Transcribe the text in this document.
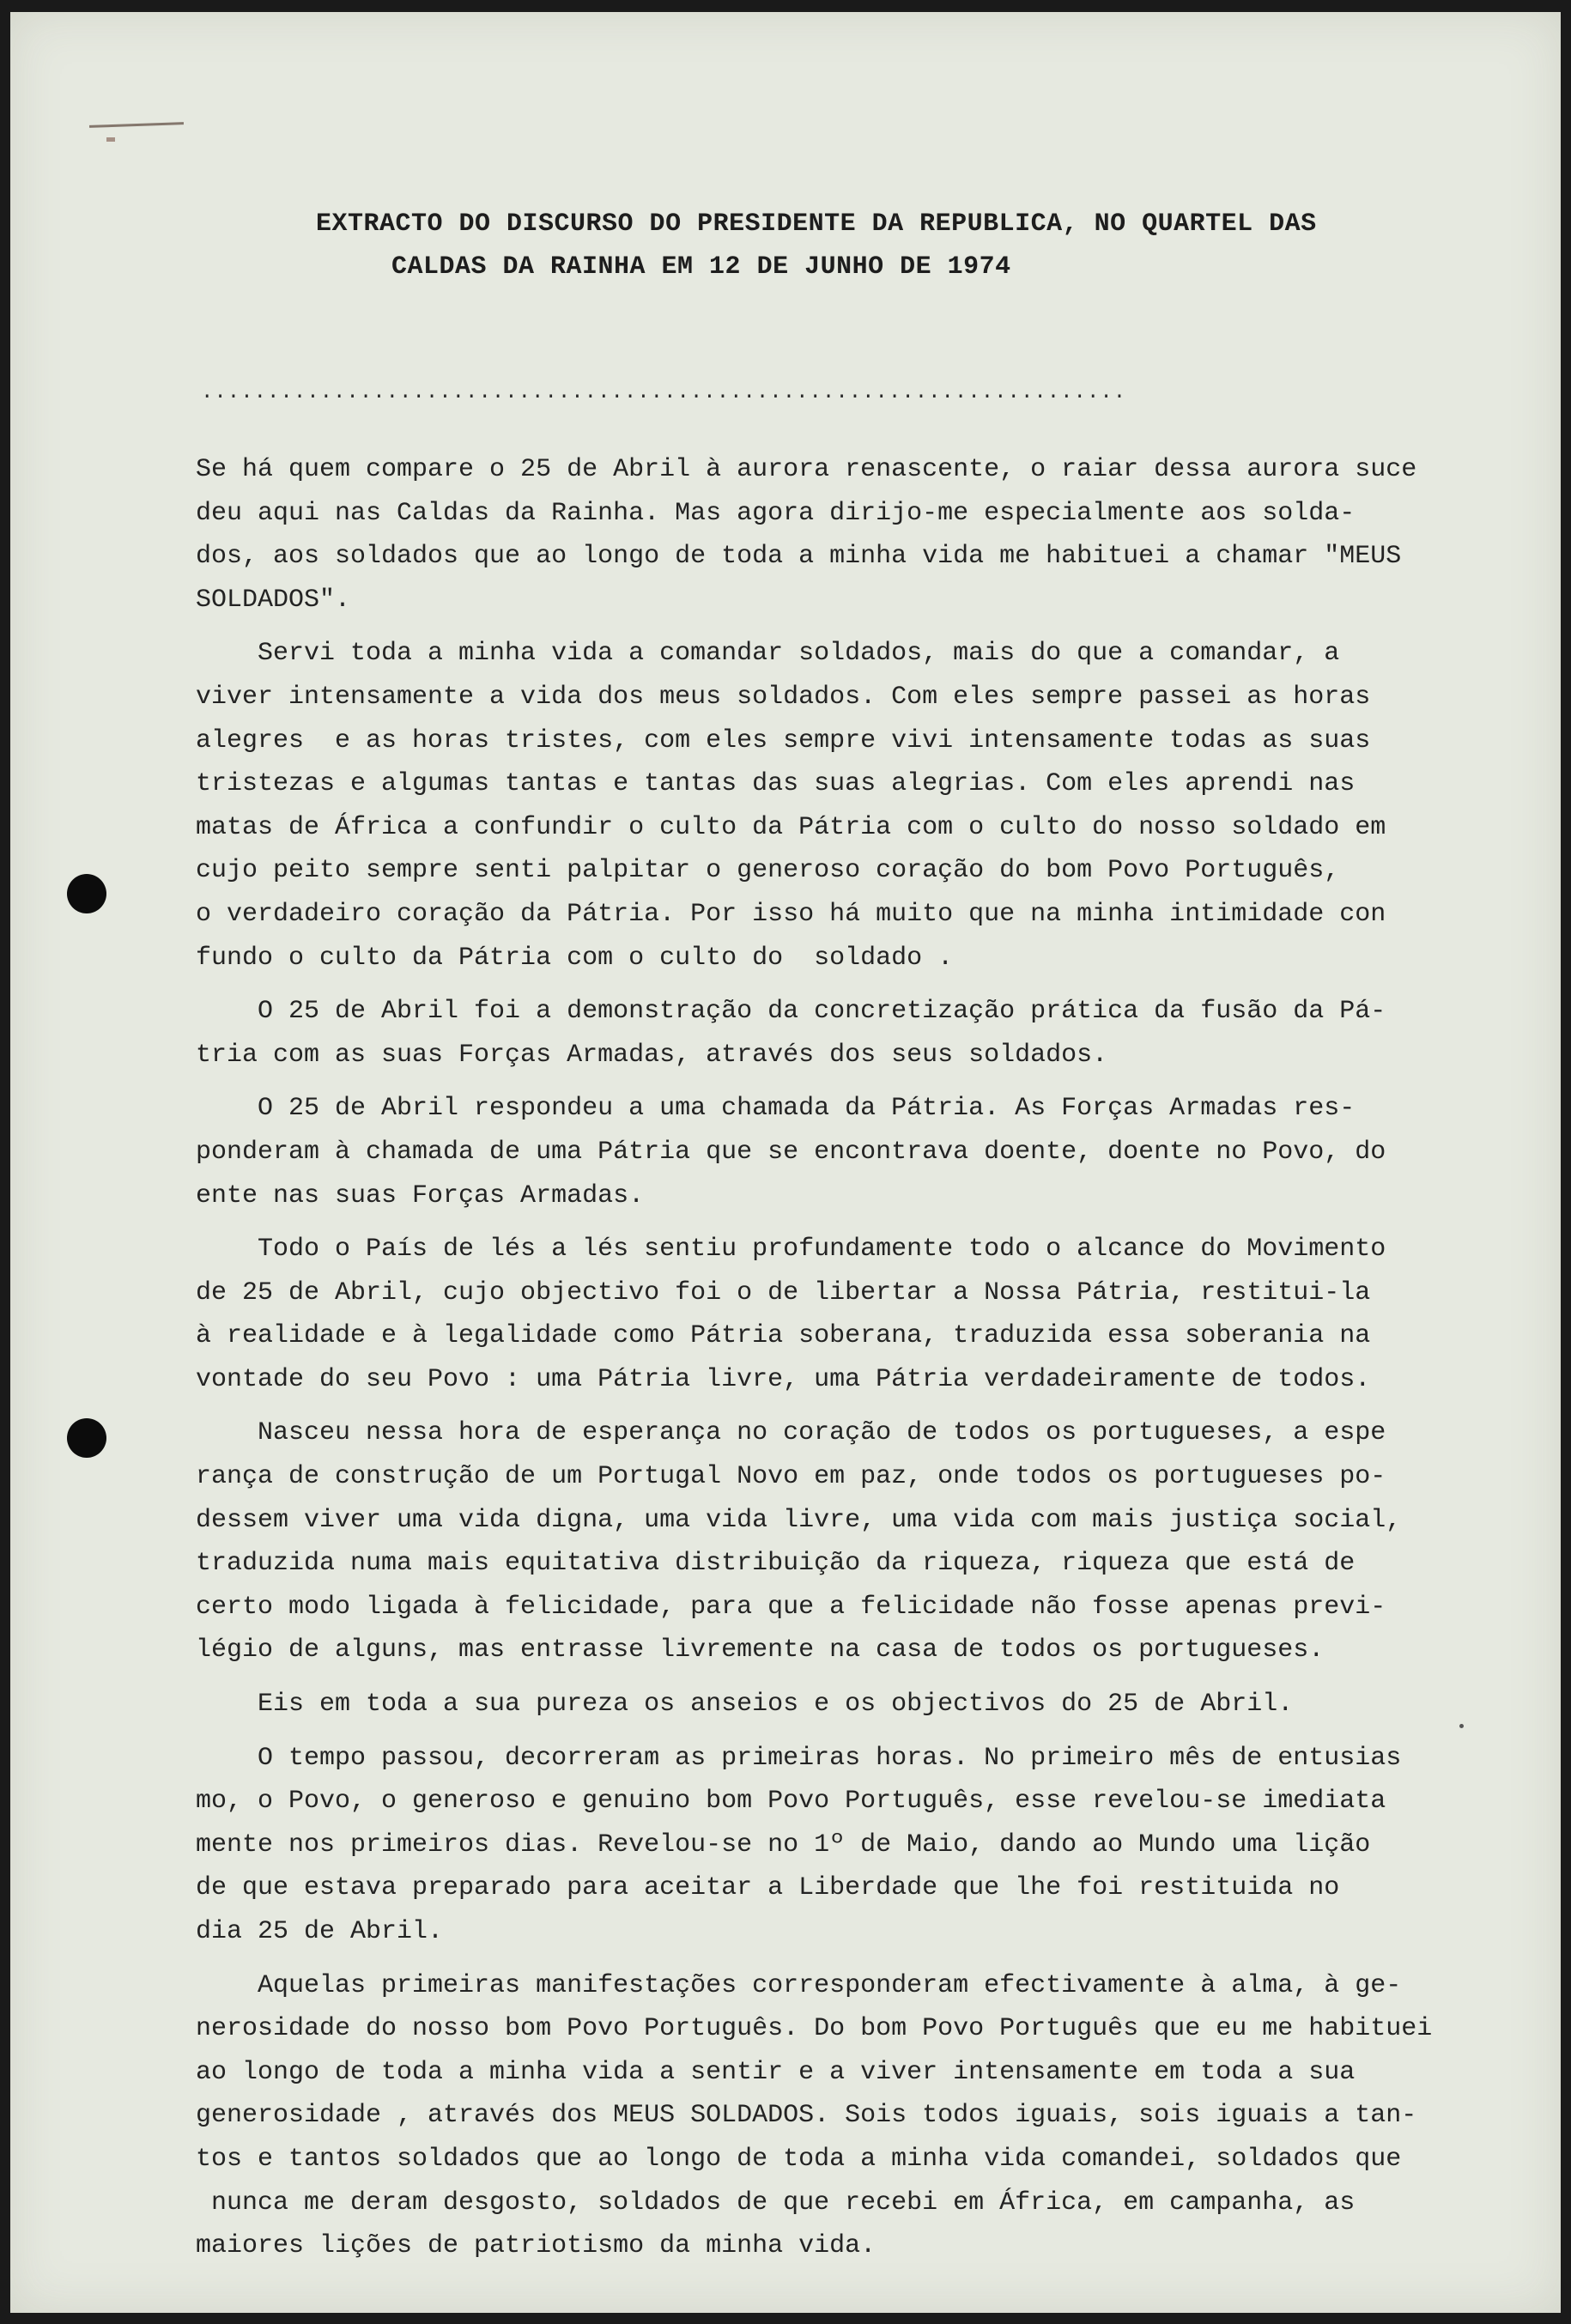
EXTRACTO DO DISCURSO DO PRESIDENTE DA REPUBLICA, NO QUARTEL DAS
CALDAS DA RAINHA EM 12 DE JUNHO DE 1974
......................................................................
Se há quem compare o 25 de Abril à aurora renascente, o raiar dessa aurora suce
deu aqui nas Caldas da Rainha. Mas agora dirijo-me especialmente aos solda-
dos, aos soldados que ao longo de toda a minha vida me habituei a chamar "MEUS
SOLDADOS".
Servi toda a minha vida a comandar soldados, mais do que a comandar, a
viver intensamente a vida dos meus soldados. Com eles sempre passei as horas
alegres  e as horas tristes, com eles sempre vivi intensamente todas as suas
tristezas e algumas tantas e tantas das suas alegrias. Com eles aprendi nas
matas de África a confundir o culto da Pátria com o culto do nosso soldado em
cujo peito sempre senti palpitar o generoso coração do bom Povo Português,
o verdadeiro coração da Pátria. Por isso há muito que na minha intimidade con
fundo o culto da Pátria com o culto do  soldado .
O 25 de Abril foi a demonstração da concretização prática da fusão da Pá-
tria com as suas Forças Armadas, através dos seus soldados.
O 25 de Abril respondeu a uma chamada da Pátria. As Forças Armadas res-
ponderam à chamada de uma Pátria que se encontrava doente, doente no Povo, do
ente nas suas Forças Armadas.
Todo o País de lés a lés sentiu profundamente todo o alcance do Movimento
de 25 de Abril, cujo objectivo foi o de libertar a Nossa Pátria, restitui-la
à realidade e à legalidade como Pátria soberana, traduzida essa soberania na
vontade do seu Povo : uma Pátria livre, uma Pátria verdadeiramente de todos.
Nasceu nessa hora de esperança no coração de todos os portugueses, a espe
rança de construção de um Portugal Novo em paz, onde todos os portugueses po-
dessem viver uma vida digna, uma vida livre, uma vida com mais justiça social,
traduzida numa mais equitativa distribuição da riqueza, riqueza que está de
certo modo ligada à felicidade, para que a felicidade não fosse apenas previ-
légio de alguns, mas entrasse livremente na casa de todos os portugueses.
Eis em toda a sua pureza os anseios e os objectivos do 25 de Abril.
O tempo passou, decorreram as primeiras horas. No primeiro mês de entusias
mo, o Povo, o generoso e genuino bom Povo Português, esse revelou-se imediata
mente nos primeiros dias. Revelou-se no 1º de Maio, dando ao Mundo uma lição
de que estava preparado para aceitar a Liberdade que lhe foi restituida no
dia 25 de Abril.
Aquelas primeiras manifestações corresponderam efectivamente à alma, à ge-
nerosidade do nosso bom Povo Português. Do bom Povo Português que eu me habituei
ao longo de toda a minha vida a sentir e a viver intensamente em toda a sua
generosidade , através dos MEUS SOLDADOS. Sois todos iguais, sois iguais a tan-
tos e tantos soldados que ao longo de toda a minha vida comandei, soldados que
nunca me deram desgosto, soldados de que recebi em África, em campanha, as
maiores lições de patriotismo da minha vida.
